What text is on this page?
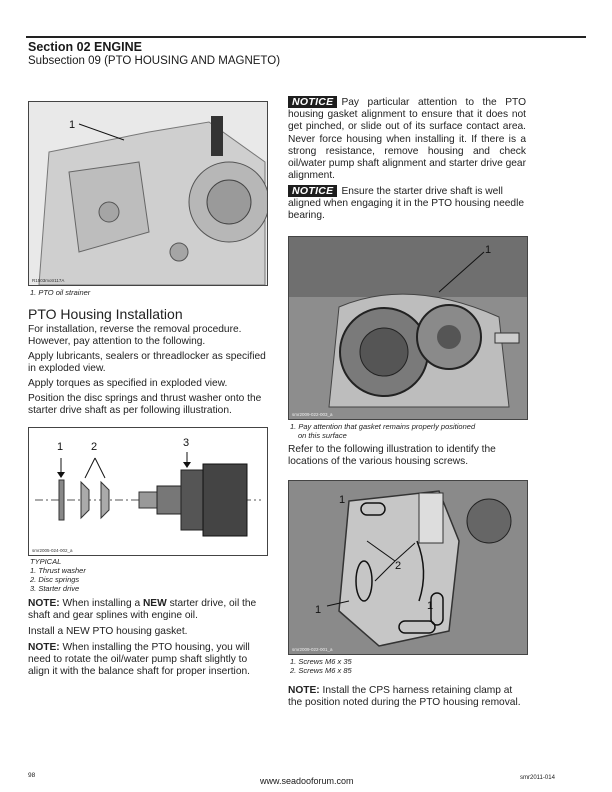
Section 02 ENGINE
Subsection 09 (PTO HOUSING AND MAGNETO)
1
R1503motr117A
1. PTO oil strainer
PTO Housing Installation
For installation, reverse the removal procedure. However, pay attention to the following.
Apply lubricants, sealers or threadlocker as specified in exploded view.
Apply torques as specified in exploded view.
Position the disc springs and thrust washer onto the starter drive shaft as per following illustration.
1	2	3
smr2005-024-002_a
TYPICAL
1. Thrust washer
2. Disc springs
3. Starter drive
NOTE: When installing a NEW starter drive, oil the shaft and gear splines with engine oil.
Install a NEW PTO housing gasket.
NOTE: When installing the PTO housing, you will need to rotate the oil/water pump shaft slightly to align it with the balance shaft for proper insertion.
NOTICE Pay particular attention to the PTO housing gasket alignment to ensure that it does not get pinched, or slide out of its surface contact area. Never force housing when installing it. If there is a strong resistance, remove housing and check oil/water pump shaft alignment and starter drive gear alignment.
NOTICE Ensure the starter drive shaft is well aligned when engaging it in the PTO housing needle bearing.
1
smr2009-022-003_a
1. Pay attention that gasket remains properly positioned
on this surface
Refer to the following illustration to identify the locations of the various housing screws.
1
2
1	1
smr2009-022-001_a
1. Screws M6 x 35
2. Screws M6 x 85
NOTE: Install the CPS harness retaining clamp at the position noted during the PTO housing removal.
98
www.seadooforum.com	smr2011-014
